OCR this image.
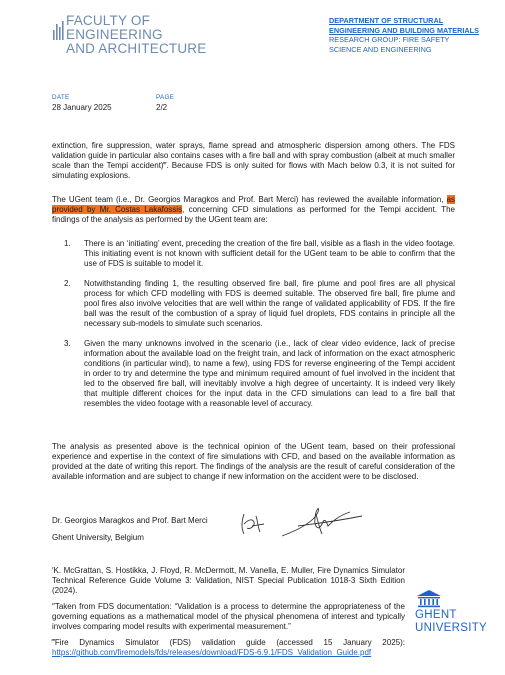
FACULTY OF ENGINEERING
AND ARCHITECTURE
DEPARTMENT OF STRUCTURAL
ENGINEERING AND BUILDING MATERIALS
RESEARCH GROUP: FIRE SAFETY
SCIENCE AND ENGINEERING
DATE
28 January 2025
PAGE
2/2
extinction, fire suppression, water sprays, flame spread and atmospheric dispersion among others. The FDS validation guide in particular also contains cases with a fire ball and with spray combustion (albeit at much smaller scale than the Tempi accident)‴. Because FDS is only suited for flows with Mach below 0.3, it is not suited for simulating explosions.
The UGent team (i.e., Dr. Georgios Maragkos and Prof. Bart Merci) has reviewed the available information, as provided by Mr. Costas Lakafossis, concerning CFD simulations as performed for the Tempi accident. The findings of the analysis as performed by the UGent team are:
1. There is an ‘initiating’ event, preceding the creation of the fire ball, visible as a flash in the video footage. This initiating event is not known with sufficient detail for the UGent team to be able to confirm that the use of FDS is suitable to model it.
2. Notwithstanding finding 1, the resulting observed fire ball, fire plume and pool fires are all physical process for which CFD modelling with FDS is deemed suitable. The observed fire ball, fire plume and pool fires also involve velocities that are well within the range of validated applicability of FDS. If the fire ball was the result of the combustion of a spray of liquid fuel droplets, FDS contains in principle all the necessary sub-models to simulate such scenarios.
3. Given the many unknowns involved in the scenario (i.e., lack of clear video evidence, lack of precise information about the available load on the freight train, and lack of information on the exact atmospheric conditions (in particular wind), to name a few), using FDS for reverse engineering of the Tempi accident in order to try and determine the type and minimum required amount of fuel involved in the incident that led to the observed fire ball, will inevitably involve a high degree of uncertainty. It is indeed very likely that multiple different choices for the input data in the CFD simulations can lead to a fire ball that resembles the video footage with a reasonable level of accuracy.
The analysis as presented above is the technical opinion of the UGent team, based on their professional experience and expertise in the context of fire simulations with CFD, and based on the available information as provided at the date of writing this report. The findings of the analysis are the result of careful consideration of the available information and are subject to change if new information on the accident were to be disclosed.
Dr. Georgios Maragkos and Prof. Bart Merci
Ghent University, Belgium
′K. McGrattan, S. Hostikka, J. Floyd, R. McDermott, M. Vanella, E. Muller, Fire Dynamics Simulator Technical Reference Guide Volume 3: Validation, NIST Special Publication 1018-3 Sixth Edition (2024).
″Taken from FDS documentation: “Validation is a process to determine the appropriateness of the governing equations as a mathematical model of the physical phenomena of interest and typically involves comparing model results with experimental measurement.”
‴Fire Dynamics Simulator (FDS) validation guide (accessed 15 January 2025): https://github.com/firemodels/fds/releases/download/FDS-6.9.1/FDS_Validation_Guide.pdf
GHENT
UNIVERSITY
